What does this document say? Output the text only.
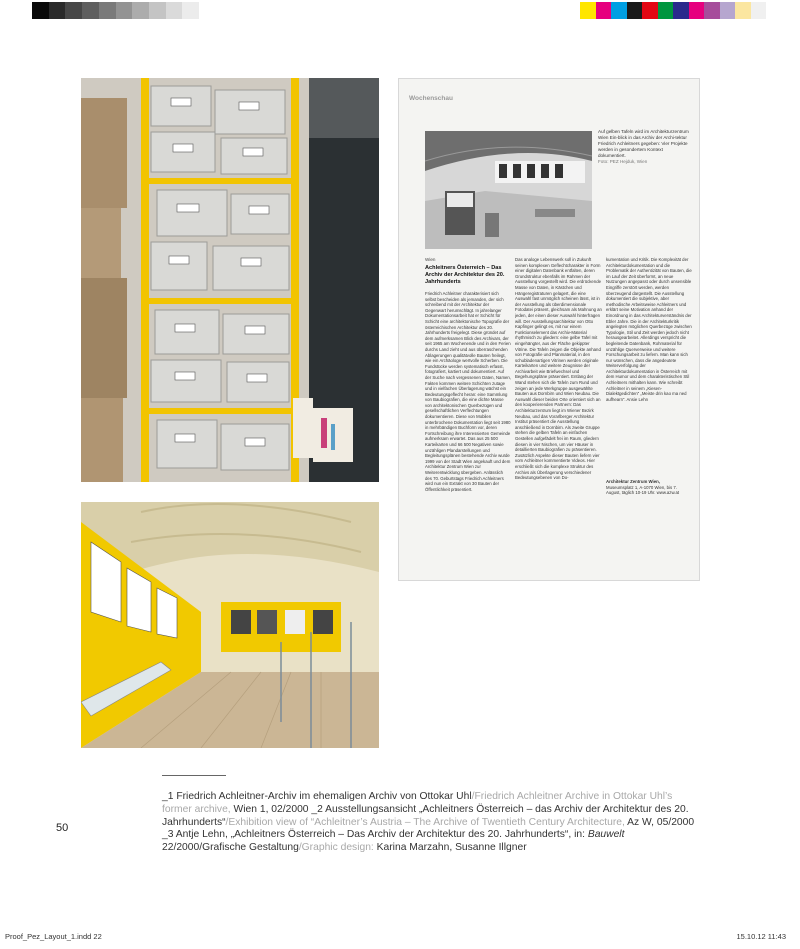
Wochenschau
Auf gelben Tafeln wird im Architekturzentrum Wien Ein-blick in das Archiv der Archi-tektur Friedrich Achleitners gegeben: Vier Projekte werden in gesondertem Kontext dokumentiert.
Foto: PEZ Hejduk, Wien
Wien
Achleitners Österreich – Das Archiv der Architektur des 20. Jahrhunderts
Friedrich Achleitner charakterisiert sich selbst bescheiden als jemanden, der sich schreibend mit der Architektur der Gegenwart herumschlägt. In jahrelanger Dokumentationsarbeit hat er Schicht für Schicht eine architektonische Topografie der österreichischen Architektur des 20. Jahrhunderts freigelegt. Diese gründet auf dem aufmerksamen Blick des Archivars, der seit 1965 am Wochenende und in den Ferien durchs Land zieht und aus überraschenden Ablagerungen qualitätvolle Bauten freilegt, wie ein Archäologe wertvolle Scherben. Die Fundstücke werden systematisch erfasst, fotografiert, kartiert und dokumentiert. Auf der Suche nach vergessenen Daten, Namen, Fakten kommen weitere Schichten zutage und in vielfachen Überlagerung wächst ein Bedeutungsgeflecht heran: eine Sammlung von Baubiografien, die eine dichte Masse von architektonischen Querbezügen und gesellschaftlichen Verflechtungen dokumentieren. Diese von Mobilen unterbrochene Dokumentation liegt seit 1980 in mehrbändigen Buchform vor, deren Fortschreibung ihre Interessierten Gemeinde aufmerksam erwartet. Das aus 25 500 Karteikarten und 66 500 Negativen sowie unzähligen Plandarstellungen und Begleitungsplänen bestehende Archiv wurde 1999 von der Stadt Wien angekauft und dem Architektur Zentrum Wien zur Weiterentwicklung übergeben. Anlässlich des 70. Geburtstags Friedrich Achleitners wird nun ein Extrakt von 30 Bauten der Öffentlichkeit präsentiert.
Das analoge Lebenswerk soll in Zukunft seinen komplexen Geflechtcharakter in Form einer digitalen Datenbank entfalten, deren Grundstruktur ebenfalls im Rahmen der Ausstellung vorgestellt wird. Die erdrückende Masse von Daten, in Kästchen und Hängeregistraturen gelagert, die eine Auswahl fast unmöglich scheinen lässt, ist in der Ausstellung als überdimensionale Fotodatei präsent, gleichsam als Mahnung an jeden, der einen dieser Auswahl hinterfragen will. Der Ausstellungsarchitektur von Otto Kapfinger gelingt es, mit nur einem Funktionselement das Archiv-Material rhythmisch zu gliedern: eine gelbe Tafel mit eingehängter, aus der Fläche gekippter Vitrine. Die Tafeln zeigen die Objekte anhand von Fotografie und Planmaterial, in den schubladenartigen Vitrinen werden originale Karteikarten und weitere Zeugnisse der Archivarbeit wie Briefwechsel und Begehungspläne präsentiert. Entlang der Wand stehen sich die Tafeln zum Rund und zeigen an jede Werkgruppe ausgewählte Bauten aus Dornbirn und Wien Neubau. Die Auswahl dieser beiden Orte orientiert sich an den kooperierenden Partnern: Das Architekturzentrum liegt im Wiener Bezirk Neubau, und das Vorarlberger Architektur Institut präsentiert die Ausstellung anschließend in Dornbirn. Als zweite Gruppe stehen die gelben Tafeln an einfachen Gestellen aufgefädelt frei im Raum, gliedern diesen in vier Nischen, um vier Häuser in detaillierten Baubiografien zu präsentieren. Zusätzlich Aspekte dieser Bauten liefern vier vom Achleitner kommentierte Videos. Hier erschließt sich die komplexe Struktur des Archivs als Überlagerung verschiedener Bedeutungsebenen von Do-
kumentation und Kritik. Die Komplexität der Architekturdokumentation und die Problematik der Authentizität von Bauten, die im Lauf der Zeit überformt, an neue Nutzungen angepasst oder durch unsensible Eingriffe zerstört werden, werden überzeugend dargestellt. Die Ausstellung dokumentiert die subjektive, aber methodische Arbeitsweise Achleitners und erklärt seine Motivation anhand der Einordnung in das Architekturverständnis der Ebler Jahre. Die in der Architekturkritik angelegten möglichen Querbezüge zwischen Typologie, Stil und Zeit werden jedoch nicht herausgearbeitet. Allerdings verspricht die begleitende Datenbank, Rohmaterial für unzählige Querverweise und weitere Forschungsarbeit zu liefern. Man kann sich nur wünschen, dass die angedeutete Weiterverfolgung der Architekturdokumentation in Österreich mit dem Humor und dem charakteristischen Stil Achleitners mithalten kann. Wie schreibt Achleitner in seinem „Kiesen-Dialektgedichten“ „Meiste drin kao ma ned aufhearn“. Ansie Lehn
Architektur Zentrum Wien,
Museumsplatz 1, A-1070 Wien, bis 7. August, täglich 10-19 Uhr. www.azw.at
_1 Friedrich Achleitner-Archiv im ehemaligen Archiv von Ottokar Uhl/Friedrich Achleitner Archive in Ottokar Uhl’s former archive, Wien 1, 02/2000 _2 Ausstellungsansicht „Achleitners Österreich – das Archiv der Architektur des 20. Jahrhunderts“/Exhibition view of “Achleitner’s Austria – The Archive of Twentieth Century Architecture, Az W, 05/2000 _3 Antje Lehn, „Achleitners Österreich – Das Archiv der Architektur des 20. Jahrhunderts“, in: Bauwelt 22/2000/Grafische Gestaltung/Graphic design: Karina Marzahn, Susanne Illgner
50
Proof_Pez_Layout_1.indd 22	15.10.12 11:43
